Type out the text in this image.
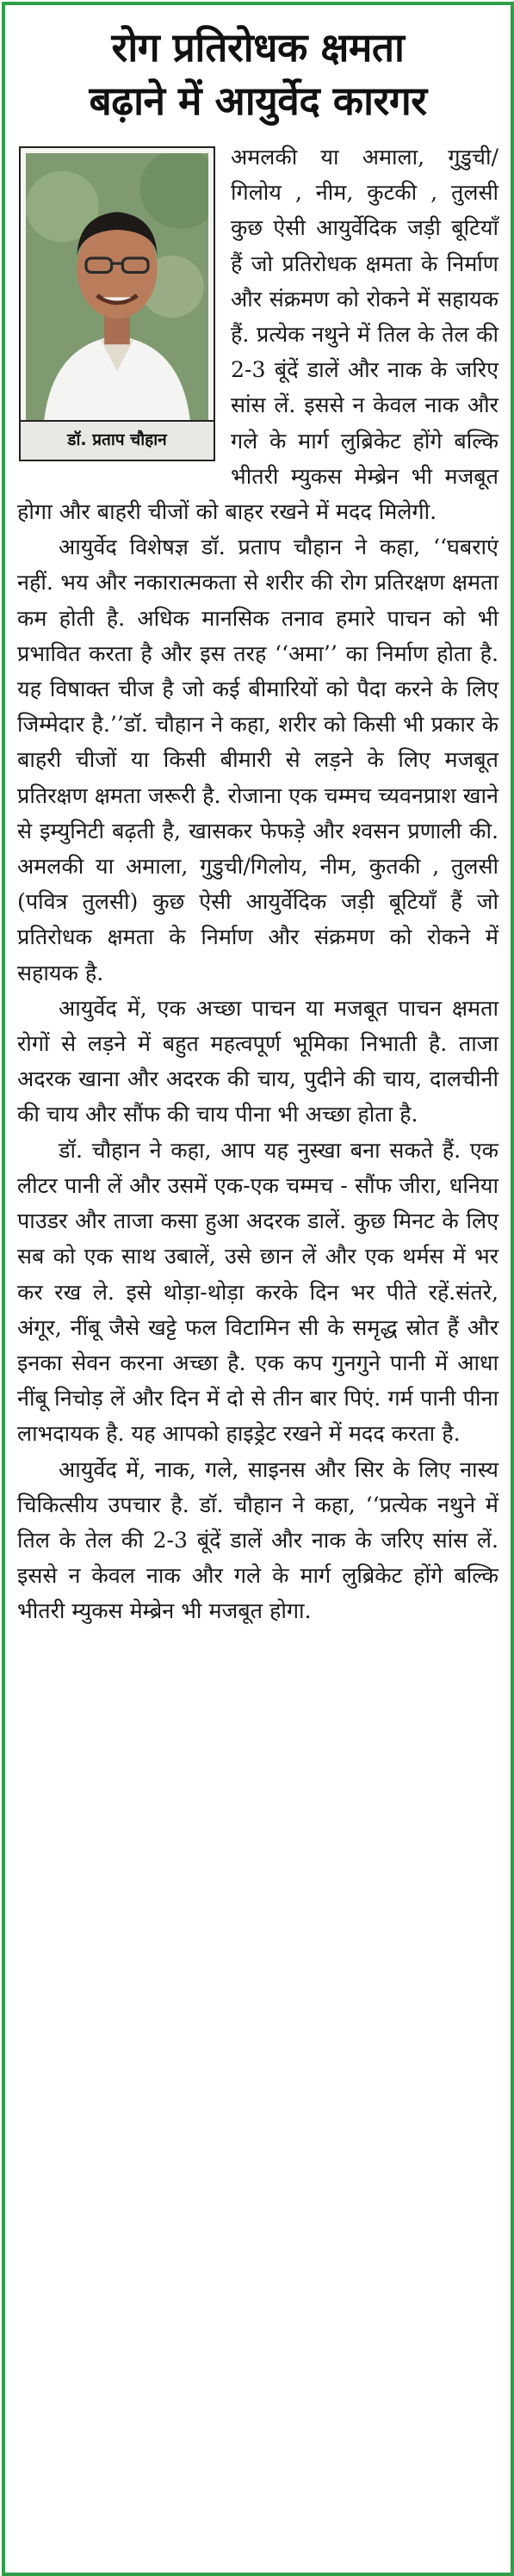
रोग प्रतिरोधक क्षमता
बढ़ाने में आयुर्वेद कारगर
डॉ. प्रताप चौहान

अमलकी या अमाला, गुडुची/ गिलोय , नीम, कुटकी , तुलसी कुछ ऐसी आयुर्वेदिक जड़ी बूटियाँ हैं जो प्रतिरोधक क्षमता के निर्माण और संक्रमण को रोकने में सहायक हैं. प्रत्येक नथुने में तिल के तेल की 2-3 बूंदें डालें और नाक के जरिए सांस लें. इससे न केवल नाक और गले के मार्ग लुब्रिकेट होंगे बल्कि भीतरी म्युकस मेम्ब्रेन भी मजबूत होगा और बाहरी चीजों को बाहर रखने में मदद मिलेगी.

आयुर्वेद विशेषज्ञ डॉ. प्रताप चौहान ने कहा, ‘‘घबराएं नहीं. भय और नकारात्मकता से शरीर की रोग प्रतिरक्षण क्षमता कम होती है. अधिक मानसिक तनाव हमारे पाचन को भी प्रभावित करता है और इस तरह ‘‘अमा’’ का निर्माण होता है. यह विषाक्त चीज है जो कई बीमारियों को पैदा करने के लिए जिम्मेदार है.’’डॉ. चौहान ने कहा, शरीर को किसी भी प्रकार के बाहरी चीजों या किसी बीमारी से लड़ने के लिए मजबूत प्रतिरक्षण क्षमता जरूरी है. रोजाना एक चम्मच च्यवनप्राश खाने से इम्युनिटी बढ़ती है, खासकर फेफड़े और श्वसन प्रणाली की. अमलकी या अमाला, गुडुची/गिलोय, नीम, कुतकी , तुलसी (पवित्र तुलसी) कुछ ऐसी आयुर्वेदिक जड़ी बूटियाँ हैं जो प्रतिरोधक क्षमता के निर्माण और संक्रमण को रोकने में सहायक है.

आयुर्वेद में, एक अच्छा पाचन या मजबूत पाचन क्षमता रोगों से लड़ने में बहुत महत्वपूर्ण भूमिका निभाती है. ताजा अदरक खाना और अदरक की चाय, पुदीने की चाय, दालचीनी की चाय और सौंफ की चाय पीना भी अच्छा होता है.

डॉ. चौहान ने कहा, आप यह नुस्खा बना सकते हैं. एक लीटर पानी लें और उसमें एक-एक चम्मच - सौंफ जीरा, धनिया पाउडर और ताजा कसा हुआ अदरक डालें. कुछ मिनट के लिए सब को एक साथ उबालें, उसे छान लें और एक थर्मस में भर कर रख ले. इसे थोड़ा-थोड़ा करके दिन भर पीते रहें.संतरे, अंगूर, नींबू जैसे खट्टे फल विटामिन सी के समृद्ध स्रोत हैं और इनका सेवन करना अच्छा है. एक कप गुनगुने पानी में आधा नींबू निचोड़ लें और दिन में दो से तीन बार पिएं. गर्म पानी पीना लाभदायक है. यह आपको हाइड्रेट रखने में मदद करता है.

आयुर्वेद में, नाक, गले, साइनस और सिर के लिए नास्य चिकित्सीय उपचार है. डॉ. चौहान ने कहा, ‘‘प्रत्येक नथुने में तिल के तेल की 2-3 बूंदें डालें और नाक के जरिए सांस लें. इससे न केवल नाक और गले के मार्ग लुब्रिकेट होंगे बल्कि भीतरी म्युकस मेम्ब्रेन भी मजबूत होगा.
